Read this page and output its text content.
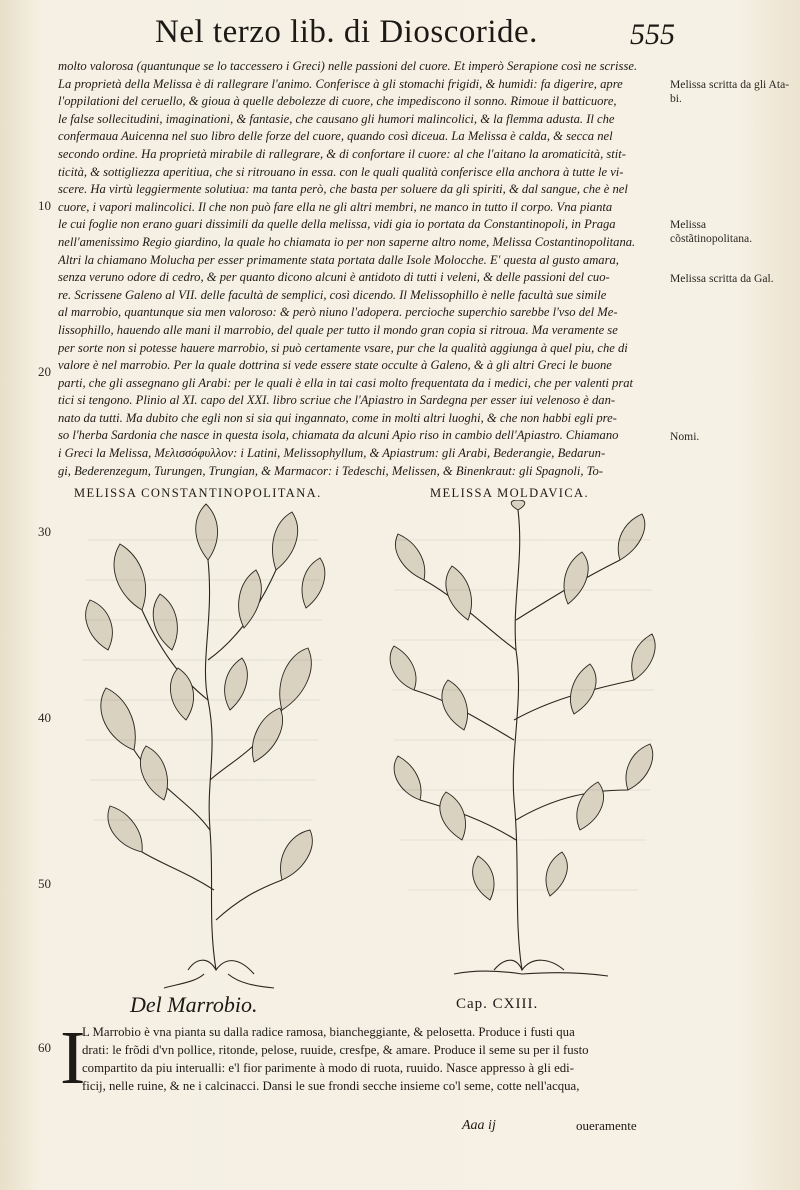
Nel terzo lib. di Dioscoride.	555
molto valorosa (quantunque se lo taccessero i Greci) nelle passioni del cuore. Et imperò Serapione così ne scrisse.
La proprietà della Melissa è di rallegrare l'animo. Conferisce à gli stomachi frigidi, & humidi: fa digerire, apre
l'oppilationi del ceruello, & gioua à quelle debolezze di cuore, che impediscono il sonno. Rimoue il batticuore,
le false sollecitudini, imaginationi, & fantasie, che causano gli humori malincolici, & la flemma adusta. Il che
confermaua Auicenna nel suo libro delle forze del cuore, quando così diceua. La Melissa è calda, & secca nel
secondo ordine. Ha proprietà mirabile di rallegrare, & di confortare il cuore: al che l'aitano la aromaticità, stit-
ticità, & sottigliezza aperitiua, che si ritrouano in essa. con le quali qualità conferisce ella anchora à tutte le vi-
scere. Ha virtù leggiermente solutiua: ma tanta però, che basta per soluere da gli spiriti, & dal sangue, che è nel
cuore, i vapori malincolici. Il che non può fare ella ne gli altri membri, ne manco in tutto il corpo. Vna pianta
le cui foglie non erano guari dissimili da quelle della melissa, vidi gia io portata da Constantinopoli, in Praga
nell'amenissimo Regio giardino, la quale ho chiamata io per non saperne altro nome, Melissa Costantinopolitana.
Altri la chiamano Molucha per esser primamente stata portata dalle Isole Molocche. E' questa al gusto amara,
senza veruno odore di cedro, & per quanto dicono alcuni è antidoto di tutti i veleni, & delle passioni del cuo-
re. Scrissene Galeno al VII. delle facultà de semplici, così dicendo. Il Melissophillo è nelle facultà sue simile
al marrobio, quantunque sia men valoroso: & però niuno l'adopera. percioche superchio sarebbe l'vso del Me-
lissophillo, hauendo alle mani il marrobio, del quale per tutto il mondo gran copia si ritroua. Ma veramente se
per sorte non si potesse hauere marrobio, si può certamente vsare, pur che la qualità aggiunga à quel piu, che di
valore è nel marrobio. Per la quale dottrina si vede essere state occulte à Galeno, & à gli altri Greci le buone
parti, che gli assegnano gli Arabi: per le quali è ella in tai casi molto frequentata da i medici, che per valenti prat
tici si tengono. Plinio al XI. capo del XXI. libro scriue che l'Apiastro in Sardegna per esser iui velenoso è dan-
nato da tutti. Ma dubito che egli non si sia qui ingannato, come in molti altri luoghi, & che non habbi egli pre-
so l'herba Sardonia che nasce in questa isola, chiamata da alcuni Apio riso in cambio dell'Apiastro. Chiamano
i Greci la Melissa, Μελισσόφυλλον: i Latini, Melissophyllum, & Apiastrum: gli Arabi, Bederangie, Bedarun-
gi, Bederenzegum, Turungen, Trungian, & Marmacor: i Tedeschi, Melissen, & Binenkraut: gli Spagnoli, To-
Melissa scritta da gli Ata-bi.
Melissa cõstãtinopolitana.
Melissa scritta da Gal.
Nomi.
10
20
30
40
50
60
MELISSA CONSTANTINOPOLITANA.	MELISSA MOLDAVICA.
Del Marrobio.	Cap. CXIII.
I
L Marrobio è vna pianta su dalla radice ramosa, biancheggiante, & pelosetta. Produce i fusti qua
drati: le frõdi d'vn pollice, ritonde, pelose, ruuide, cresfpe, & amare. Produce il seme su per il fusto
compartito da piu interualli: e'l fior parimente à modo di ruota, ruuido. Nasce appresso à gli edi-
ficij, nelle ruine, & ne i calcinacci. Dansi le sue frondi secche insieme co'l seme, cotte nell'acqua,
Aaa ij	oueramente
